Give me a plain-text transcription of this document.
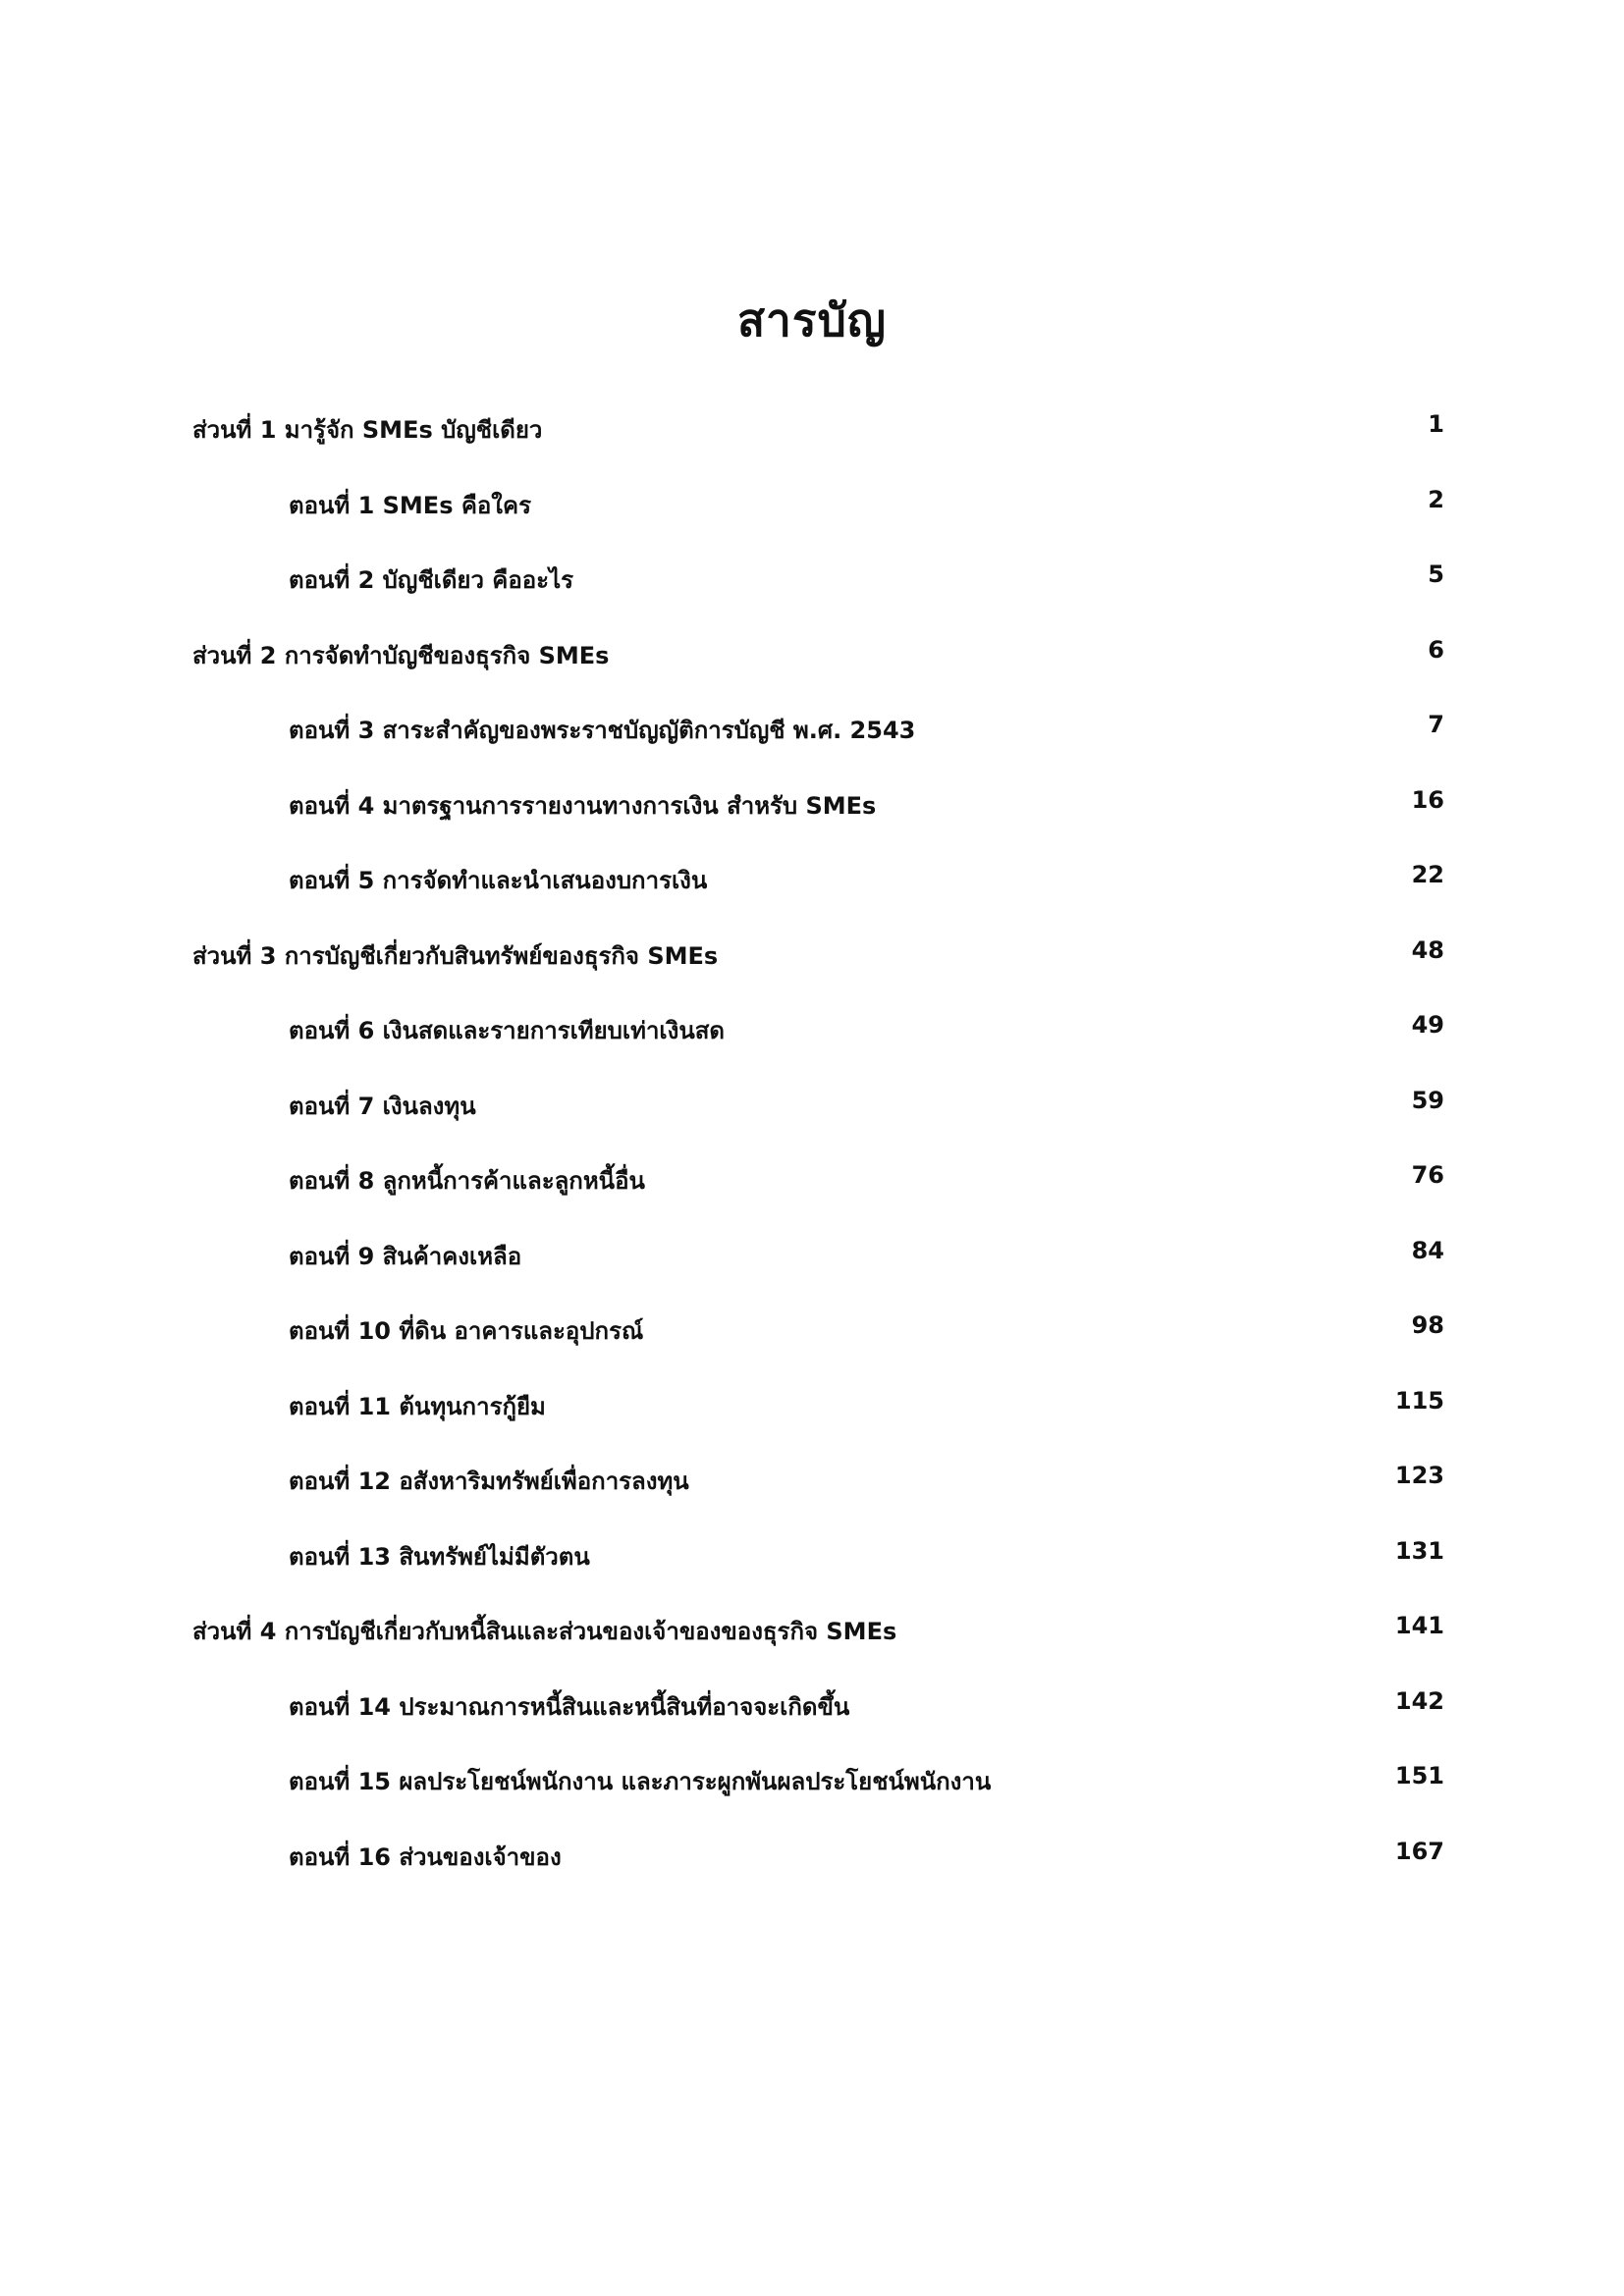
สารบัญ
ส่วนที่ 1 มารู้จัก SMEs บัญชีเดียว	1
ตอนที่ 1 SMEs คือใคร	2
ตอนที่ 2 บัญชีเดียว คืออะไร	5
ส่วนที่ 2 การจัดทำบัญชีของธุรกิจ SMEs	6
ตอนที่ 3 สาระสำคัญของพระราชบัญญัติการบัญชี พ.ศ. 2543	7
ตอนที่ 4 มาตรฐานการรายงานทางการเงิน สำหรับ SMEs	16
ตอนที่ 5 การจัดทำและนำเสนองบการเงิน	22
ส่วนที่ 3 การบัญชีเกี่ยวกับสินทรัพย์ของธุรกิจ SMEs	48
ตอนที่ 6 เงินสดและรายการเทียบเท่าเงินสด	49
ตอนที่ 7 เงินลงทุน	59
ตอนที่ 8 ลูกหนี้การค้าและลูกหนี้อื่น	76
ตอนที่ 9 สินค้าคงเหลือ	84
ตอนที่ 10 ที่ดิน อาคารและอุปกรณ์	98
ตอนที่ 11 ต้นทุนการกู้ยืม	115
ตอนที่ 12 อสังหาริมทรัพย์เพื่อการลงทุน	123
ตอนที่ 13 สินทรัพย์ไม่มีตัวตน	131
ส่วนที่ 4 การบัญชีเกี่ยวกับหนี้สินและส่วนของเจ้าของของธุรกิจ SMEs	141
ตอนที่ 14 ประมาณการหนี้สินและหนี้สินที่อาจจะเกิดขึ้น	142
ตอนที่ 15 ผลประโยชน์พนักงาน และภาระผูกพันผลประโยชน์พนักงาน	151
ตอนที่ 16 ส่วนของเจ้าของ	167
